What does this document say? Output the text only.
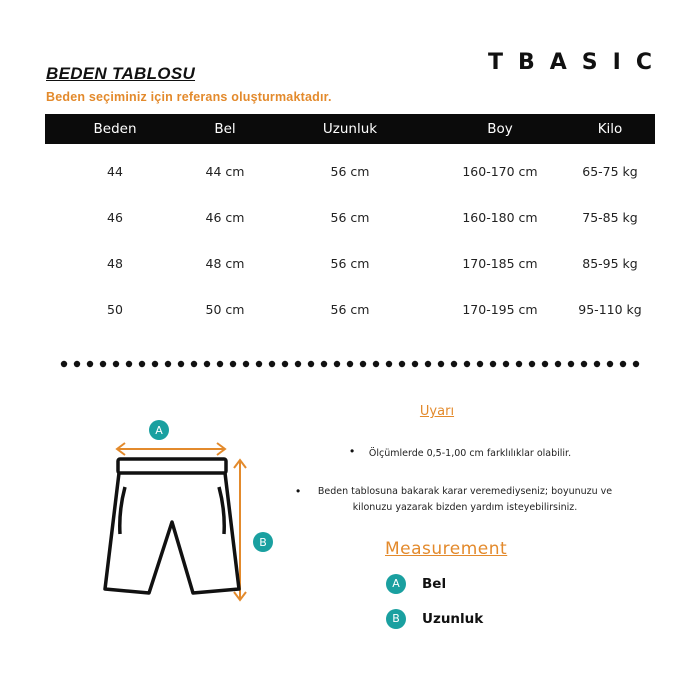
TBASIC
BEDEN TABLOSU
Beden seçiminiz için referans oluşturmaktadır.
Beden	Bel	Uzunluk	Boy	Kilo
44	44 cm	56 cm	160-170 cm	65-75 kg
46	46 cm	56 cm	160-180 cm	75-85 kg
48	48 cm	56 cm	170-185 cm	85-95 kg
50	50 cm	56 cm	170-195 cm	95-110 kg
A
B
Uyarı
•	Ölçümlerde 0,5-1,00 cm farklılıklar olabilir.
•	Beden tablosuna bakarak karar veremediyseniz; boyunuzu ve kilonuzu yazarak bizden yardım isteyebilirsiniz.
Measurement
A	Bel
B	Uzunluk
